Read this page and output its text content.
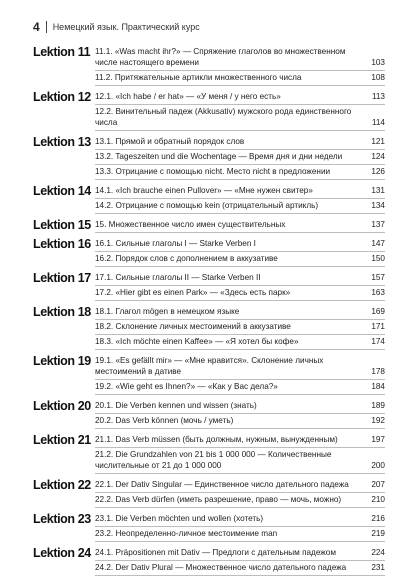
4	Немецкий язык. Практический курс
Lektion 11 11.1. «Was macht ihr?» — Спряжение глаголов во множественном числе настоящего времени	103
11.2. Притяжательные артикли множественного числа	108
Lektion 12 12.1. «Ich habe / er hat» — «У меня / у него есть»	113
12.2. Винительный падеж (Akkusativ) мужского рода единственного числа	114
Lektion 13 13.1. Прямой и обратный порядок слов	121
13.2. Tageszeiten und die Wochentage — Время дня и дни недели	124
13.3. Отрицание с помощью nicht. Место nicht в предложении	126
Lektion 14 14.1. «Ich brauche einen Pullover» — «Мне нужен свитер»	131
14.2. Отрицание с помощью kein (отрицательный артикль)	134
Lektion 15 15. Множественное число имен существительных	137
Lektion 16 16.1. Сильные глаголы I — Starke Verben I	147
16.2. Порядок слов с дополнением в аккузативе	150
Lektion 17 17.1. Сильные глаголы II — Starke Verben II	157
17.2. «Hier gibt es einen Park» — «Здесь есть парк»	163
Lektion 18 18.1. Глагол mögen в немецком языке	169
18.2. Склонение личных местоимений в аккузативе	171
18.3. «Ich möchte einen Kaffee» — «Я хотел бы кофе»	174
Lektion 19 19.1. «Es gefällt mir» — «Мне нравится». Склонение личных местоимений в дативе	178
19.2. «Wie geht es Ihnen?» — «Как у Вас дела?»	184
Lektion 20 20.1. Die Verben kennen und wissen (знать)	189
20.2. Das Verb können (мочь / уметь)	192
Lektion 21 21.1. Das Verb müssen (быть должным, нужным, вынужденным)	197
21.2. Die Grundzahlen von 21 bis 1 000 000 — Количественные числительные от 21 до 1 000 000	200
Lektion 22 22.1. Der Dativ Singular — Единственное число дательного падежа	207
22.2. Das Verb dürfen (иметь разрешение, право — мочь, можно)	210
Lektion 23 23.1. Die Verben möchten und wollen (хотеть)	216
23.2. Неопределенно-личное местоимение man	219
Lektion 24 24.1. Präpositionen mit Dativ — Предлоги с дательным падежом	224
24.2. Der Dativ Plural — Множественное число дательного падежа	231
